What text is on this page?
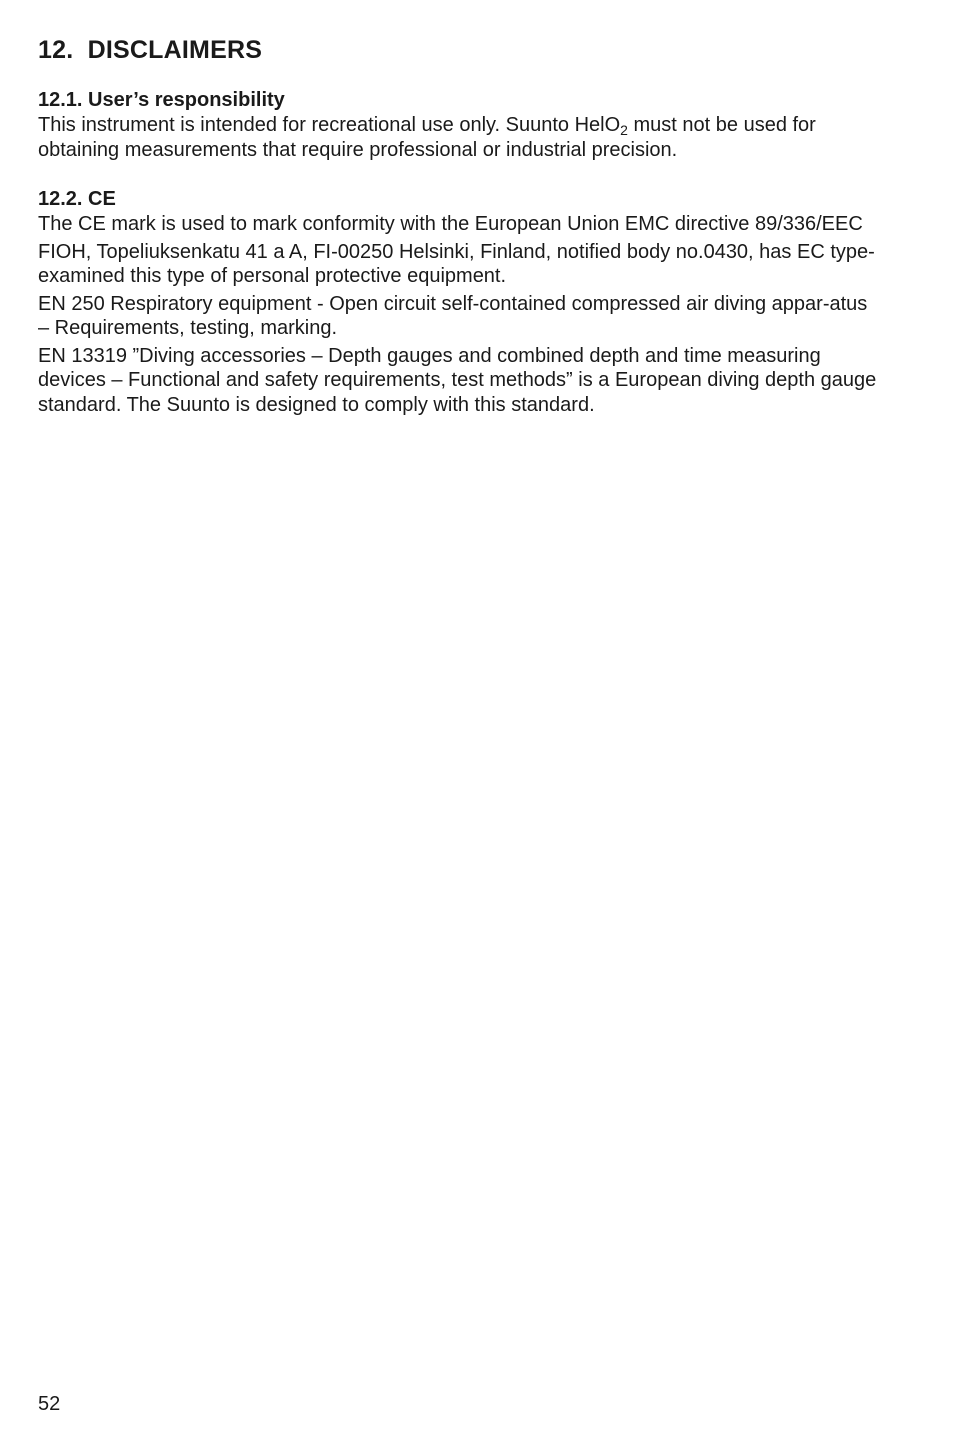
12. DISCLAIMERS
12.1. User’s responsibility

This instrument is intended for recreational use only. Suunto HelO$_2$ must not be used for obtaining measurements that require professional or industrial precision.

12.2. CE

The CE mark is used to mark conformity with the European Union EMC directive 89/336/EEC

FIOH, Topeliuksenkatu 41 a A, FI-00250 Helsinki, Finland, notified body no.0430, has EC type-examined this type of personal protective equipment.

EN 250 Respiratory equipment - Open circuit self-contained compressed air diving appar-atus – Requirements, testing, marking.

EN 13319 ”Diving accessories – Depth gauges and combined depth and time measuring devices – Functional and safety requirements, test methods” is a European diving depth gauge standard. The Suunto is designed to comply with this standard.

52
